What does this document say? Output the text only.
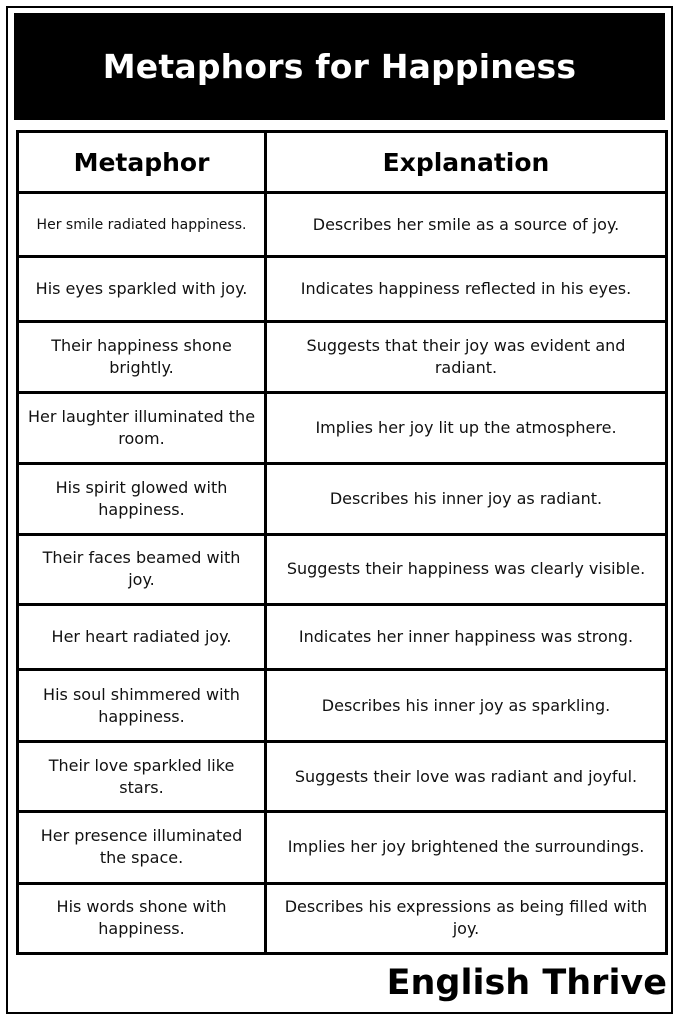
Metaphors for Happiness
Metaphor	Explanation
Her smile radiated happiness.	Describes her smile as a source of joy.
His eyes sparkled with joy.	Indicates happiness reflected in his eyes.
Their happiness shone brightly.	Suggests that their joy was evident and radiant.
Her laughter illuminated the room.	Implies her joy lit up the atmosphere.
His spirit glowed with happiness.	Describes his inner joy as radiant.
Their faces beamed with joy.	Suggests their happiness was clearly visible.
Her heart radiated joy.	Indicates her inner happiness was strong.
His soul shimmered with happiness.	Describes his inner joy as sparkling.
Their love sparkled like stars.	Suggests their love was radiant and joyful.
Her presence illuminated the space.	Implies her joy brightened the surroundings.
His words shone with happiness.	Describes his expressions as being filled with joy.
English Thrive
